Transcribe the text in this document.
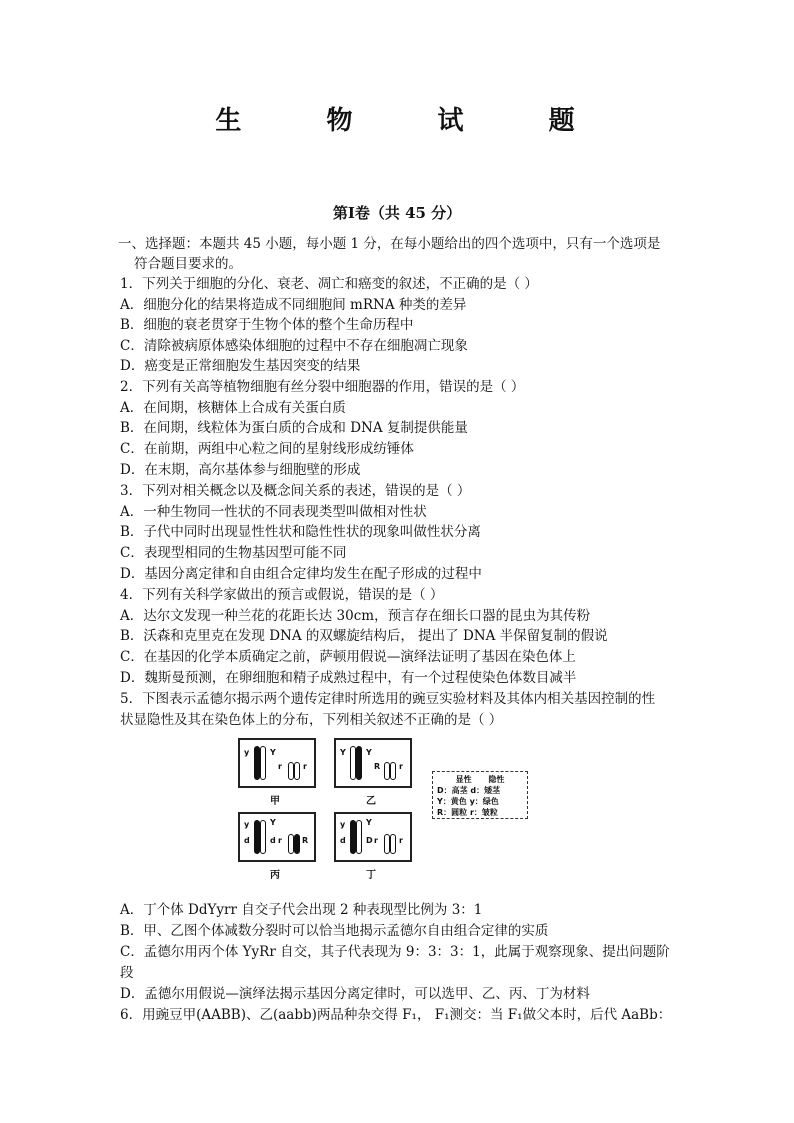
生	物	试	题
第Ⅰ卷（共 45 分）
一、选择题：本题共 45 小题，每小题 1 分，在每小题给出的四个选项中，只有一个选项是
符合题目要求的。
1．下列关于细胞的分化、衰老、凋亡和癌变的叙述，不正确的是（ ）
A．细胞分化的结果将造成不同细胞间 mRNA 种类的差异
B．细胞的衰老贯穿于生物个体的整个生命历程中
C．清除被病原体感染体细胞的过程中不存在细胞凋亡现象
D．癌变是正常细胞发生基因突变的结果
2．下列有关高等植物细胞有丝分裂中细胞器的作用，错误的是（ ）
A．在间期，核糖体上合成有关蛋白质
B．在间期，线粒体为蛋白质的合成和 DNA 复制提供能量
C．在前期，两组中心粒之间的星射线形成纺锤体
D．在末期，高尔基体参与细胞壁的形成
3．下列对相关概念以及概念间关系的表述，错误的是（ ）
A．一种生物同一性状的不同表现类型叫做相对性状
B．子代中同时出现显性性状和隐性性状的现象叫做性状分离
C．表现型相同的生物基因型可能不同
D．基因分离定律和自由组合定律均发生在配子形成的过程中
4．下列有关科学家做出的预言或假说，错误的是（ ）
A．达尔文发现一种兰花的花距长达 30cm，预言存在细长口器的昆虫为其传粉
B．沃森和克里克在发现 DNA 的双螺旋结构后， 提出了 DNA 半保留复制的假说
C．在基因的化学本质确定之前，萨顿用假说—演绎法证明了基因在染色体上
D．魏斯曼预测，在卵细胞和精子成熟过程中，有一个过程使染色体数目减半
5．下图表示孟德尔揭示两个遗传定律时所选用的豌豆实验材料及其体内相关基因控制的性
状显隐性及其在染色体上的分布，下列相关叙述不正确的是（ ）
y	Y
r	r
甲
Y	Y
R r
乙
y	Y
d	d r	R
丙
y	Y
d	D r	r
丁
显性 隐性
D：高茎 d：矮茎
Y：黄色 y：绿色
R：圆粒 r：皱粒
A．丁个体 DdYyrr 自交子代会出现 2 种表现型比例为 3：1
B．甲、乙图个体减数分裂时可以恰当地揭示孟德尔自由组合定律的实质
C．孟德尔用丙个体 YyRr 自交，其子代表现为 9：3：3：1，此属于观察现象、提出问题阶
段
D．孟德尔用假说—演绎法揭示基因分离定律时，可以选甲、乙、丙、丁为材料
6．用豌豆甲(AABB)、乙(aabb)两品种杂交得 F₁， F₁测交：当 F₁做父本时，后代 AaBb：
